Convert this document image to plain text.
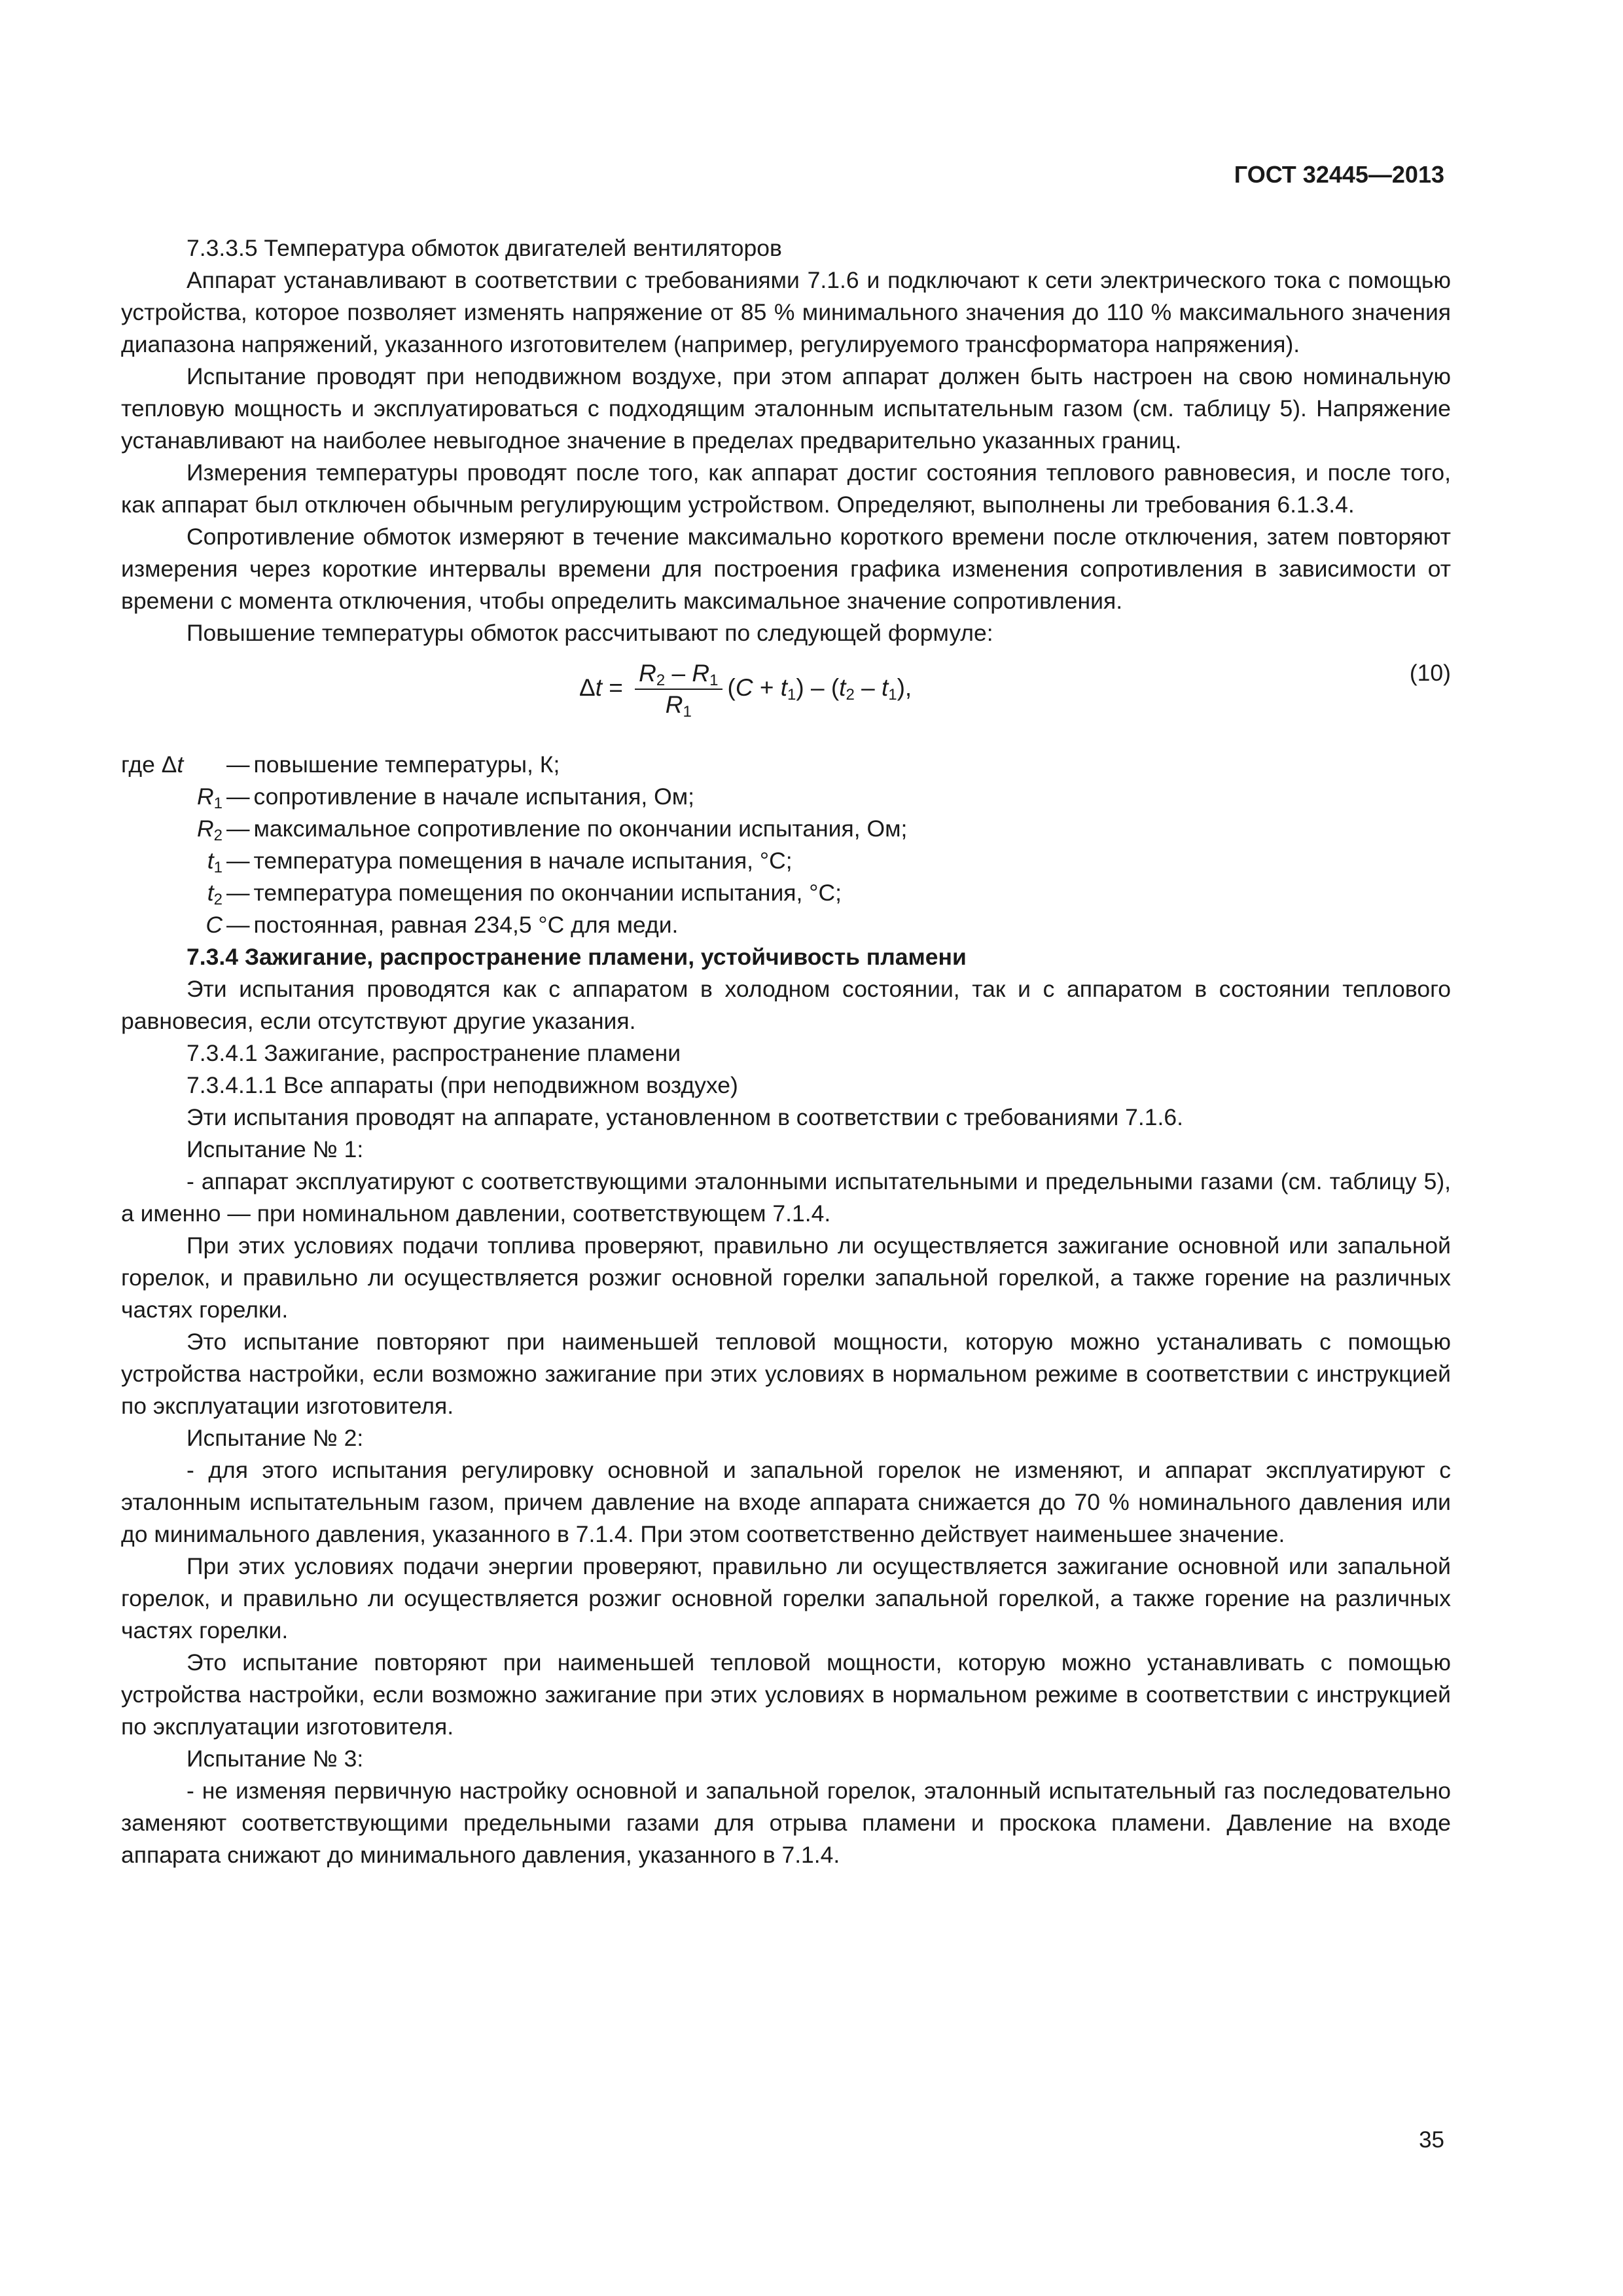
ГОСТ 32445—2013

7.3.3.5 Температура обмоток двигателей вентиляторов

Аппарат устанавливают в соответствии с требованиями 7.1.6 и подключают к сети электрического тока с помощью устройства, которое позволяет изменять напряжение от 85 % минимального значения до 110 % максимального значения диапазона напряжений, указанного изготовителем (например, регулируемого трансформатора напряжения).

Испытание проводят при неподвижном воздухе, при этом аппарат должен быть настроен на свою номинальную тепловую мощность и эксплуатироваться с подходящим эталонным испытательным газом (см. таблицу 5). Напряжение устанавливают на наиболее невыгодное значение в пределах предварительно указанных границ.

Измерения температуры проводят после того, как аппарат достиг состояния теплового равновесия, и после того, как аппарат был отключен обычным регулирующим устройством. Определяют, выполнены ли требования 6.1.3.4.

Сопротивление обмоток измеряют в течение максимально короткого времени после отключения, затем повторяют измерения через короткие интервалы времени для построения графика изменения сопротивления в зависимости от времени с момента отключения, чтобы определить максимальное значение сопротивления.

Повышение температуры обмоток рассчитывают по следующей формуле:

$\Delta t = \frac{R_2 - R_1}{R_1} (C + t_1) - (t_2 - t_1)$,
(10)
где Δt	— повышение температуры, К;
$R_1$ — сопротивление в начале испытания, Ом;
$R_2$ — максимальное сопротивление по окончании испытания, Ом;
$t_1$ — температура помещения в начале испытания, °С;
$t_2$ — температура помещения по окончании испытания, °С;
C — постоянная, равная 234,5 °С для меди.

7.3.4 Зажигание, распространение пламени, устойчивость пламени

Эти испытания проводятся как с аппаратом в холодном состоянии, так и с аппаратом в состоянии теплового равновесия, если отсутствуют другие указания.

7.3.4.1 Зажигание, распространение пламени

7.3.4.1.1 Все аппараты (при неподвижном воздухе)

Эти испытания проводят на аппарате, установленном в соответствии с требованиями 7.1.6.

Испытание № 1:

- аппарат эксплуатируют с соответствующими эталонными испытательными и предельными газами (см. таблицу 5), а именно — при номинальном давлении, соответствующем 7.1.4.

При этих условиях подачи топлива проверяют, правильно ли осуществляется зажигание основной или запальной горелок, и правильно ли осуществляется розжиг основной горелки запальной горелкой, а также горение на различных частях горелки.

Это испытание повторяют при наименьшей тепловой мощности, которую можно устаналивать с помощью устройства настройки, если возможно зажигание при этих условиях в нормальном режиме в соответствии с инструкцией по эксплуатации изготовителя.

Испытание № 2:

- для этого испытания регулировку основной и запальной горелок не изменяют, и аппарат эксплуатируют с эталонным испытательным газом, причем давление на входе аппарата снижается до 70 % номинального давления или до минимального давления, указанного в 7.1.4. При этом соответственно действует наименьшее значение.

При этих условиях подачи энергии проверяют, правильно ли осуществляется зажигание основной или запальной горелок, и правильно ли осуществляется розжиг основной горелки запальной горелкой, а также горение на различных частях горелки.

Это испытание повторяют при наименьшей тепловой мощности, которую можно устанавливать с помощью устройства настройки, если возможно зажигание при этих условиях в нормальном режиме в соответствии с инструкцией по эксплуатации изготовителя.

Испытание № 3:

- не изменяя первичную настройку основной и запальной горелок, эталонный испытательный газ последовательно заменяют соответствующими предельными газами для отрыва пламени и проскока пламени. Давление на входе аппарата снижают до минимального давления, указанного в 7.1.4.

35
